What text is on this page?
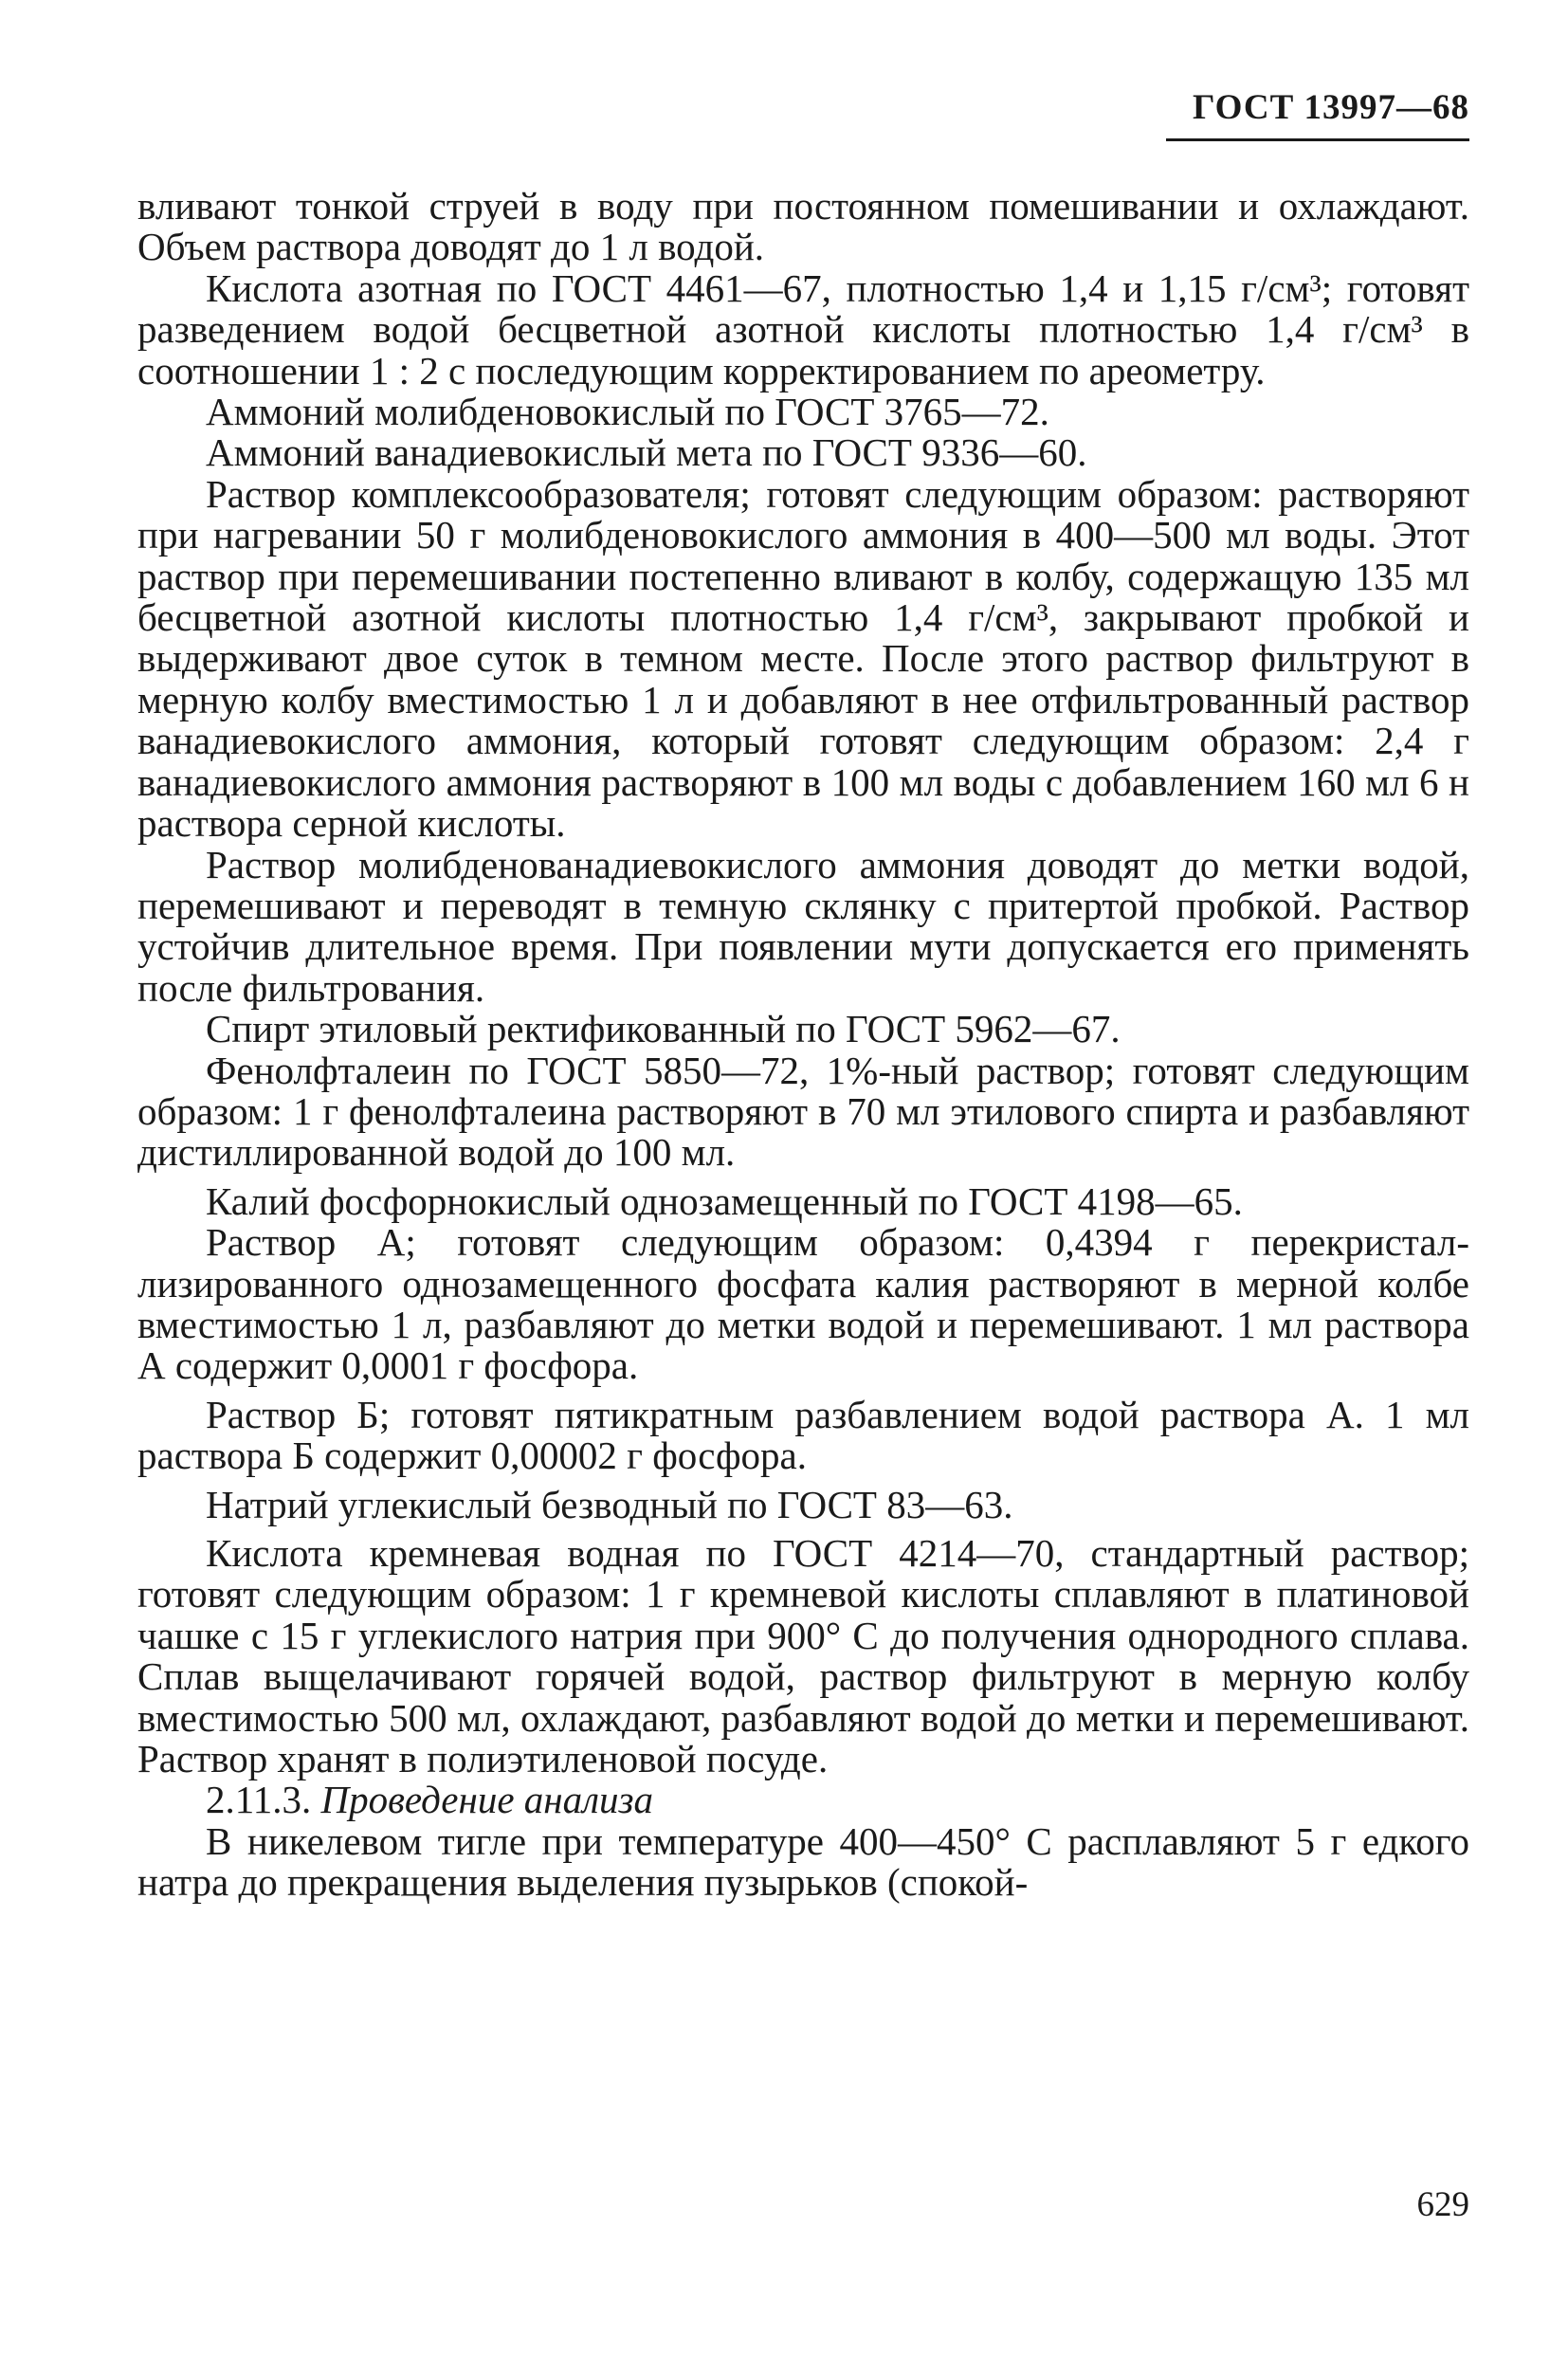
ГОСТ 13997—68

вливают тонкой струей в воду при постоянном помешивании и охлаждают. Объем раствора доводят до 1 л водой.

Кислота азотная по ГОСТ 4461—67, плотностью 1,4 и 1,15 г/см³; готовят разведением водой бесцветной азотной кислоты плотностью 1,4 г/см³ в соотношении 1 : 2 с последующим корректированием по ареометру.

Аммоний молибденовокислый по ГОСТ 3765—72.

Аммоний ванадиевокислый мета по ГОСТ 9336—60.

Раствор комплексообразователя; готовят следующим образом: растворяют при нагревании 50 г молибденовокислого аммония в 400—500 мл воды. Этот раствор при перемешивании постепенно вливают в колбу, содержащую 135 мл бесцветной азотной кислоты плотностью 1,4 г/см³, закрывают пробкой и выдерживают двое суток в темном месте. После этого раствор фильтруют в мерную колбу вместимостью 1 л и добавляют в нее отфильтрованный раствор ванадиевокислого аммония, который готовят следующим образом: 2,4 г ванадиевокислого аммония растворяют в 100 мл воды с добавлением 160 мл 6 н раствора серной кислоты.

Раствор молибденованадиевокислого аммония доводят до метки водой, перемешивают и переводят в темную склянку с притертой пробкой. Раствор устойчив длительное время. При появлении мути допускается его применять после фильтрования.

Спирт этиловый ректификованный по ГОСТ 5962—67.

Фенолфталеин по ГОСТ 5850—72, 1%-ный раствор; готовят следующим образом: 1 г фенолфталеина растворяют в 70 мл этилового спирта и разбавляют дистиллированной водой до 100 мл.

Калий фосфорнокислый однозамещенный по ГОСТ 4198—65.

Раствор А; готовят следующим образом: 0,4394 г перекристаллизированного однозамещенного фосфата калия растворяют в мерной колбе вместимостью 1 л, разбавляют до метки водой и перемешивают. 1 мл раствора А содержит 0,0001 г фосфора.

Раствор Б; готовят пятикратным разбавлением водой раствора А. 1 мл раствора Б содержит 0,00002 г фосфора.

Натрий углекислый безводный по ГОСТ 83—63.

Кислота кремневая водная по ГОСТ 4214—70, стандартный раствор; готовят следующим образом: 1 г кремневой кислоты сплавляют в платиновой чашке с 15 г углекислого натрия при 900° С до получения однородного сплава. Сплав выщелачивают горячей водой, раствор фильтруют в мерную колбу вместимостью 500 мл, охлаждают, разбавляют водой до метки и перемешивают. Раствор хранят в полиэтиленовой посуде.

2.11.3. Проведение анализа

В никелевом тигле при температуре 400—450° С расплавляют 5 г едкого натра до прекращения выделения пузырьков (спокой-

629
